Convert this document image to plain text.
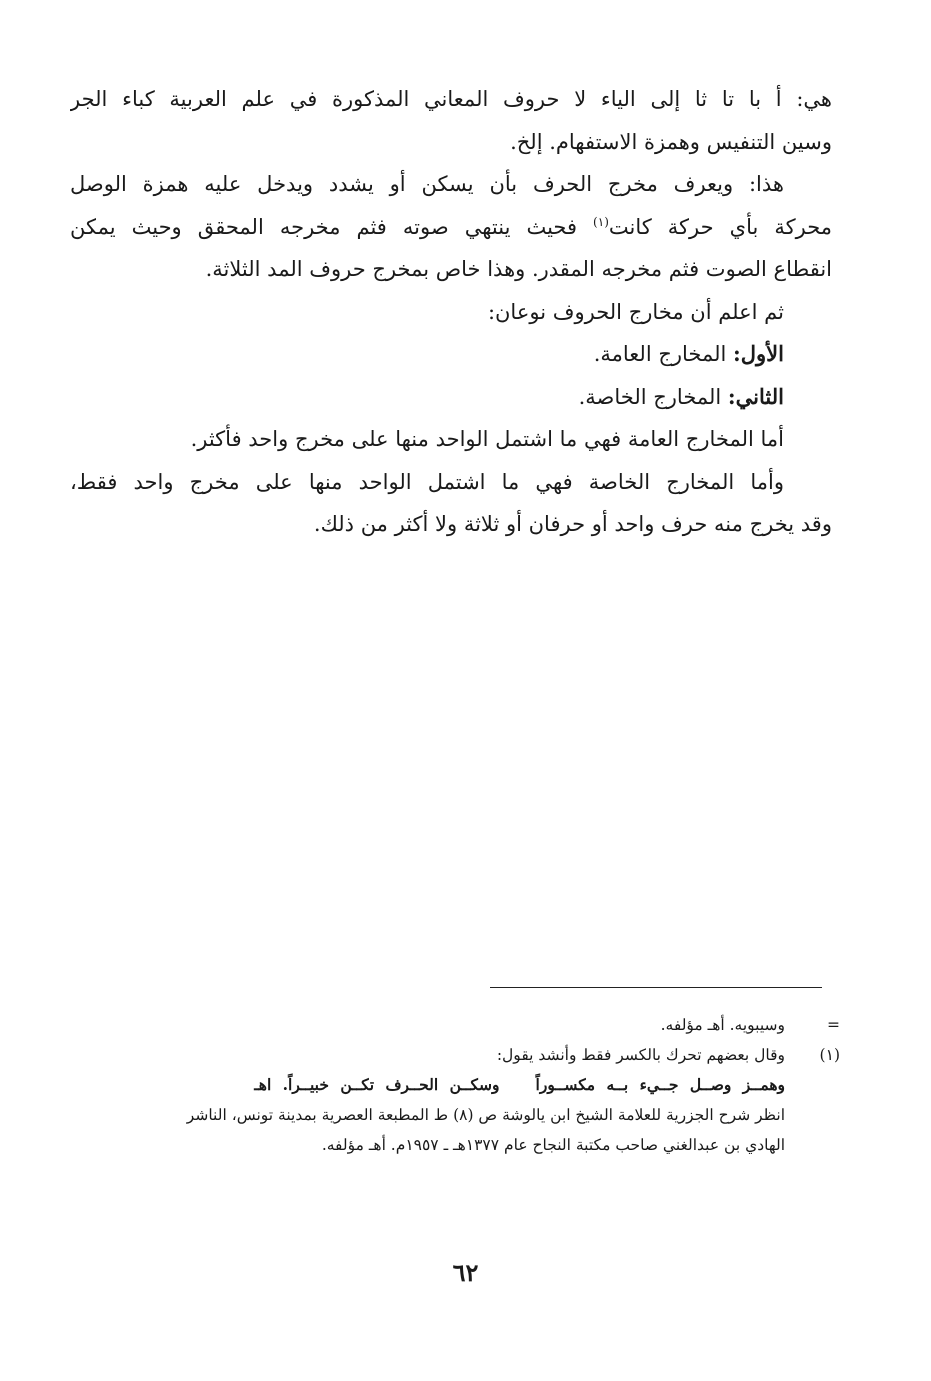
هي: أ با تا ثا إلى الياء لا حروف المعاني المذكورة في علم العربية كباء الجر
وسين التنفيس وهمزة الاستفهام. إلخ.
هذا: ويعرف مخرج الحرف بأن يسكن أو يشدد ويدخل عليه همزة الوصل
محركة بأي حركة كانت$^{(١)}$ فحيث ينتهي صوته فثم مخرجه المحقق وحيث يمكن
انقطاع الصوت فثم مخرجه المقدر. وهذا خاص بمخرج حروف المد الثلاثة.
ثم اعلم أن مخارج الحروف نوعان:
الأول: المخارج العامة.
الثاني: المخارج الخاصة.
أما المخارج العامة فهي ما اشتمل الواحد منها على مخرج واحد فأكثر.
وأما المخارج الخاصة فهي ما اشتمل الواحد منها على مخرج واحد فقط،
وقد يخرج منه حرف واحد أو حرفان أو ثلاثة ولا أكثر من ذلك.
=وسيبويه. أهـ مؤلفه.
(١)وقال بعضهم تحرك بالكسر فقط وأنشد يقول:
وهمــز وصــل جــيء بــه مكســوراًوسكــن الحــرف تكــن خبيــراً. اهـ
انظر شرح الجزرية للعلامة الشيخ ابن يالوشة ص (٨) ط المطبعة العصرية بمدينة تونس، الناشر
الهادي بن عبدالغني صاحب مكتبة النجاح عام ١٣٧٧هـ ـ ١٩٥٧م. أهـ مؤلفه.
٦٢
